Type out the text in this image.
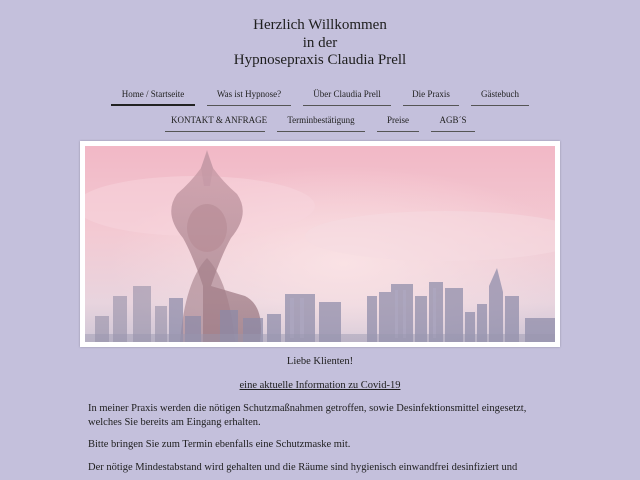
Herzlich Willkommen
in der
Hypnosepraxis Claudia Prell
Home / Startseite	Was ist Hypnose?	Über Claudia Prell	Die Praxis	Gästebuch
KONTAKT & ANFRAGE	Terminbestätigung	Preise	AGB´S

Liebe Klienten!

eine aktuelle Information zu Covid-19

In meiner Praxis werden die nötigen Schutzmaßnahmen getroffen, sowie Desinfektionsmittel eingesetzt, welches Sie bereits am Eingang erhalten.

Bitte bringen Sie zum Termin ebenfalls eine Schutzmaske mit.

Der nötige Mindestabstand wird gehalten und die Räume sind hygienisch einwandfrei desinfiziert und
